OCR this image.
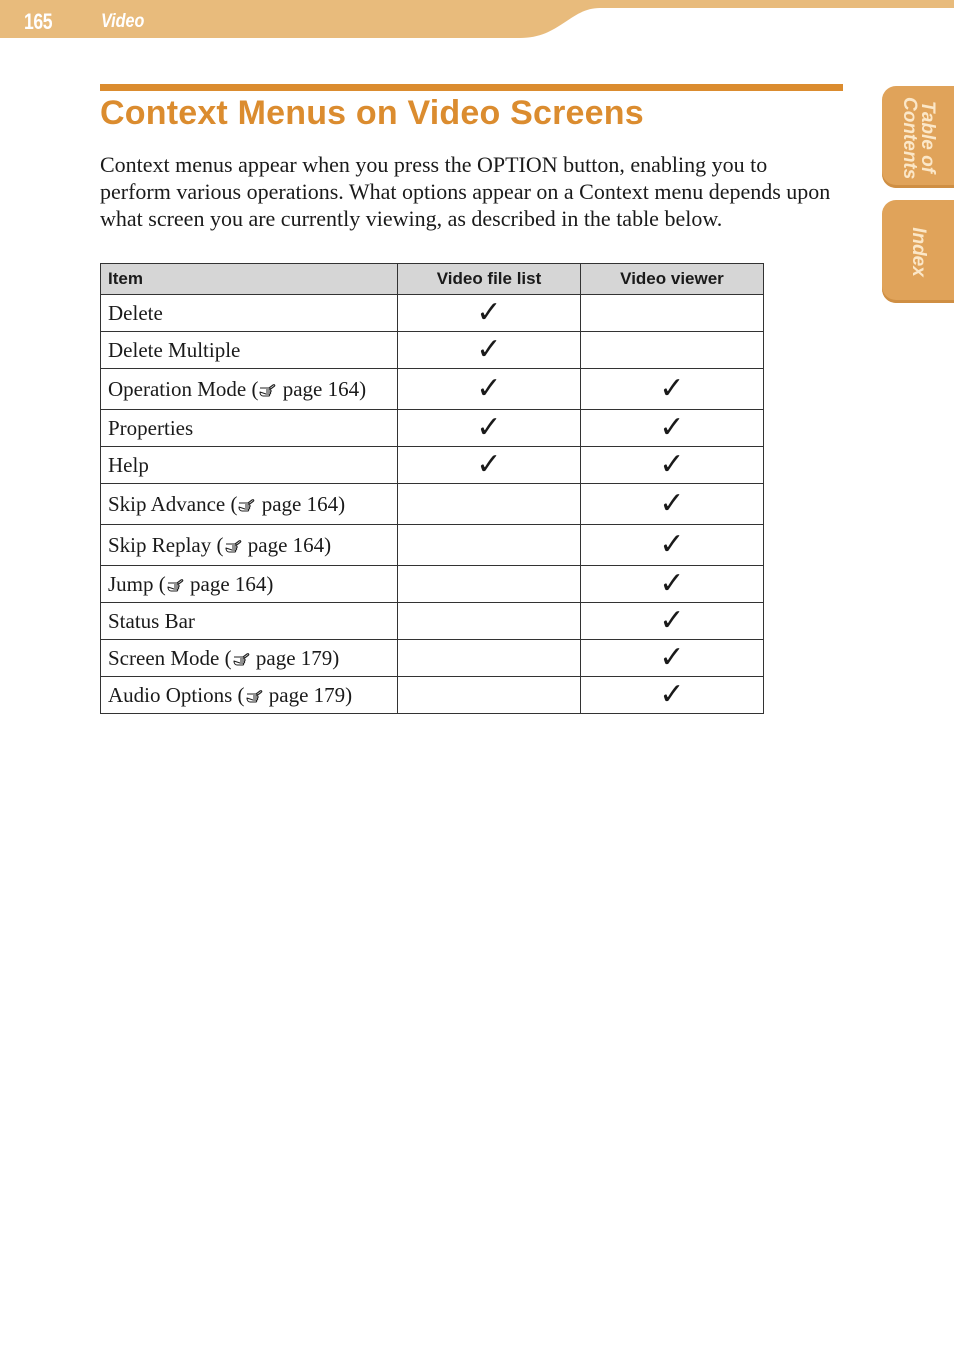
165	Video
Table of Contents
Index
Context Menus on Video Screens

Context menus appear when you press the OPTION button, enabling you to perform various operations. What options appear on a Context menu depends upon what screen you are currently viewing, as described in the table below.

Item	Video file list	Video viewer
Delete	✓	
Delete Multiple	✓	
Operation Mode ( page 164)	✓	✓
Properties	✓	✓
Help	✓	✓
Skip Advance ( page 164)		✓
Skip Replay ( page 164)		✓
Jump ( page 164)		✓
Status Bar		✓
Screen Mode ( page 179)		✓
Audio Options ( page 179)		✓
